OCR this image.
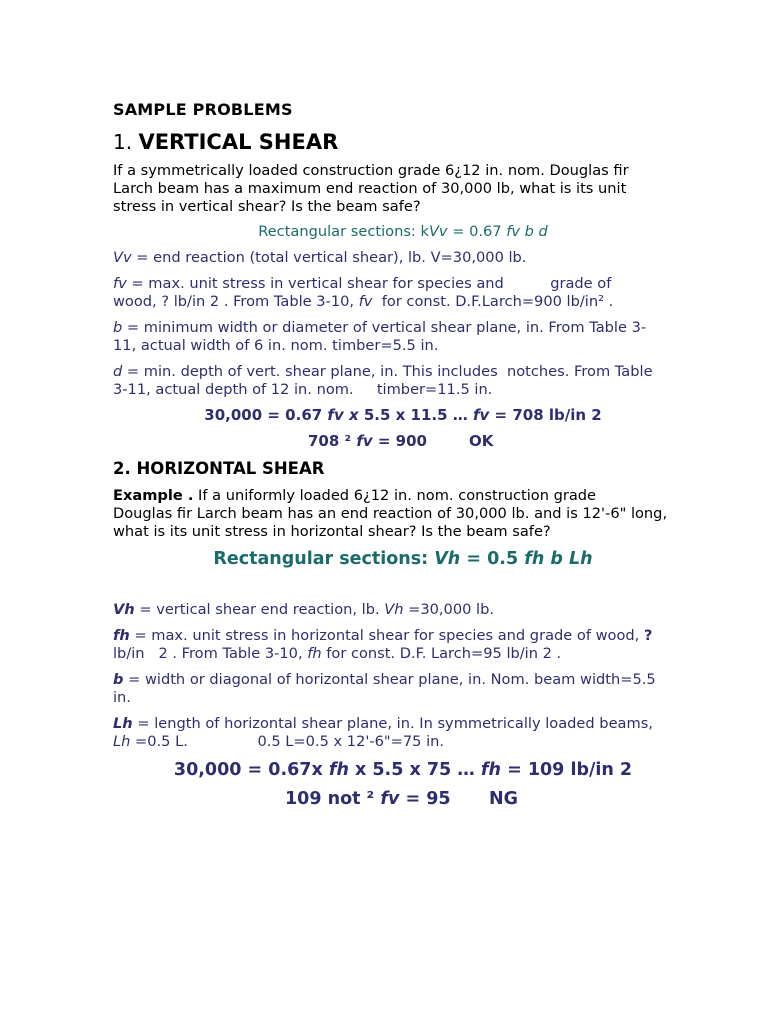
SAMPLE PROBLEMS
1. VERTICAL SHEAR
If a symmetrically loaded construction grade 6¿12 in. nom. Douglas fir
Larch beam has a maximum end reaction of 30,000 lb, what is its unit
stress in vertical shear? Is the beam safe?
Rectangular sections: kVv = 0.67 fv b d
Vv = end reaction (total vertical shear), lb. V=30,000 lb.
fv = max. unit stress in vertical shear for species and          grade of
wood, ? lb/in 2 . From Table 3-10, fv  for const. D.F.Larch=900 lb/in² .
b = minimum width or diameter of vertical shear plane, in. From Table 3-
11, actual width of 6 in. nom. timber=5.5 in.
d = min. depth of vert. shear plane, in. This includes  notches. From Table
3-11, actual depth of 12 in. nom.     timber=11.5 in.
30,000 = 0.67 fv x 5.5 x 11.5 … fv = 708 lb/in 2
708 ² fv = 900	OK
2. HORIZONTAL SHEAR
Example . If a uniformly loaded 6¿12 in. nom. construction grade
Douglas fir Larch beam has an end reaction of 30,000 lb. and is 12'-6" long,
what is its unit stress in horizontal shear? Is the beam safe?
Rectangular sections: Vh = 0.5 fh b Lh
Vh = vertical shear end reaction, lb. Vh =30,000 lb.
fh = max. unit stress in horizontal shear for species and grade of wood, ?
lb/in   2 . From Table 3-10, fh for const. D.F. Larch=95 lb/in 2 .
b = width or diagonal of horizontal shear plane, in. Nom. beam width=5.5
in.
Lh = length of horizontal shear plane, in. In symmetrically loaded beams,
Lh =0.5 L.               0.5 L=0.5 x 12'-6"=75 in.
30,000 = 0.67x fh x 5.5 x 75 … fh = 109 lb/in 2
109 not ² fv = 95 NG
